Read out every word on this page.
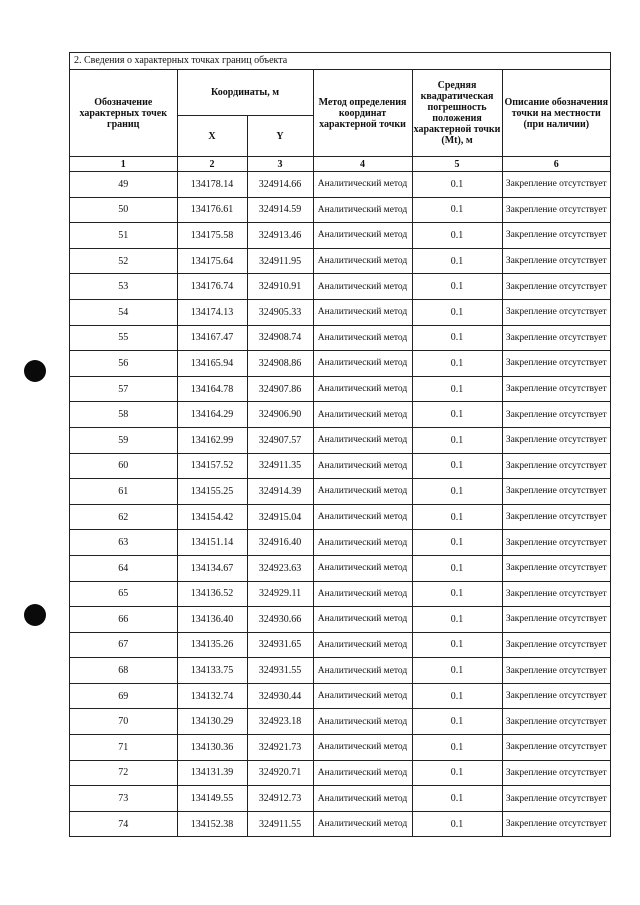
2. Сведения о характерных точках границ объекта
Обозначение характерных точек границ	Координаты, м		Метод определения координат характерной точки	Средняя квадратическая погрешность положения характерной точки (Mt), м	Описание обозначения точки на местности (при наличии)
	X	Y			
1	2	3	4	5	6
49	134178.14	324914.66	Аналитический метод	0.1	Закрепление отсутствует
50	134176.61	324914.59	Аналитический метод	0.1	Закрепление отсутствует
51	134175.58	324913.46	Аналитический метод	0.1	Закрепление отсутствует
52	134175.64	324911.95	Аналитический метод	0.1	Закрепление отсутствует
53	134176.74	324910.91	Аналитический метод	0.1	Закрепление отсутствует
54	134174.13	324905.33	Аналитический метод	0.1	Закрепление отсутствует
55	134167.47	324908.74	Аналитический метод	0.1	Закрепление отсутствует
56	134165.94	324908.86	Аналитический метод	0.1	Закрепление отсутствует
57	134164.78	324907.86	Аналитический метод	0.1	Закрепление отсутствует
58	134164.29	324906.90	Аналитический метод	0.1	Закрепление отсутствует
59	134162.99	324907.57	Аналитический метод	0.1	Закрепление отсутствует
60	134157.52	324911.35	Аналитический метод	0.1	Закрепление отсутствует
61	134155.25	324914.39	Аналитический метод	0.1	Закрепление отсутствует
62	134154.42	324915.04	Аналитический метод	0.1	Закрепление отсутствует
63	134151.14	324916.40	Аналитический метод	0.1	Закрепление отсутствует
64	134134.67	324923.63	Аналитический метод	0.1	Закрепление отсутствует
65	134136.52	324929.11	Аналитический метод	0.1	Закрепление отсутствует
66	134136.40	324930.66	Аналитический метод	0.1	Закрепление отсутствует
67	134135.26	324931.65	Аналитический метод	0.1	Закрепление отсутствует
68	134133.75	324931.55	Аналитический метод	0.1	Закрепление отсутствует
69	134132.74	324930.44	Аналитический метод	0.1	Закрепление отсутствует
70	134130.29	324923.18	Аналитический метод	0.1	Закрепление отсутствует
71	134130.36	324921.73	Аналитический метод	0.1	Закрепление отсутствует
72	134131.39	324920.71	Аналитический метод	0.1	Закрепление отсутствует
73	134149.55	324912.73	Аналитический метод	0.1	Закрепление отсутствует
74	134152.38	324911.55	Аналитический метод	0.1	Закрепление отсутствует
